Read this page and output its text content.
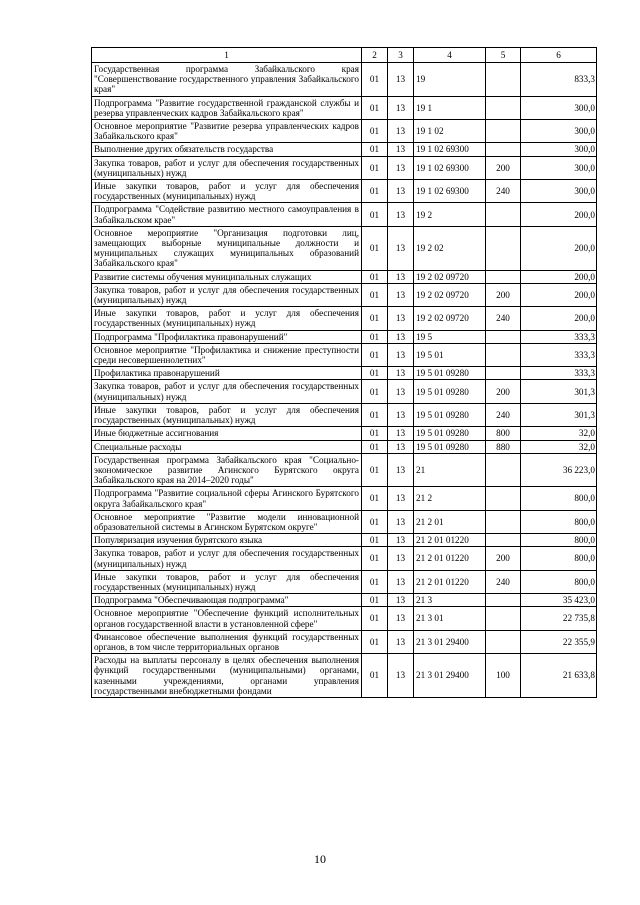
1	2	3	4	5	6
Государственная программа Забайкальского края "Совершенствование государственного управления Забайкальского края"	01	13	19		833,3
Подпрограмма "Развитие государственной гражданской службы и резерва управленческих кадров Забайкальского края"	01	13	19 1		300,0
Основное мероприятие "Развитие резерва управленческих кадров Забайкальского края"	01	13	19 1 02		300,0
Выполнение других обязательств государства	01	13	19 1 02 69300		300,0
Закупка товаров, работ и услуг для обеспечения государственных (муниципальных) нужд	01	13	19 1 02 69300	200	300,0
Иные закупки товаров, работ и услуг для обеспечения государственных (муниципальных) нужд	01	13	19 1 02 69300	240	300,0
Подпрограмма "Содействие развитию местного самоуправления в Забайкальском крае"	01	13	19 2		200,0
Основное мероприятие "Организация подготовки лиц, замещающих выборные муниципальные должности и муниципальных служащих муниципальных образований Забайкальского края"	01	13	19 2 02		200,0
Развитие системы обучения муниципальных служащих	01	13	19 2 02 09720		200,0
Закупка товаров, работ и услуг для обеспечения государственных (муниципальных) нужд	01	13	19 2 02 09720	200	200,0
Иные закупки товаров, работ и услуг для обеспечения государственных (муниципальных) нужд	01	13	19 2 02 09720	240	200,0
Подпрограмма "Профилактика правонарушений"	01	13	19 5		333,3
Основное мероприятие "Профилактика и снижение преступности среди несовершеннолетних"	01	13	19 5 01		333,3
Профилактика правонарушений	01	13	19 5 01 09280		333,3
Закупка товаров, работ и услуг для обеспечения государственных (муниципальных) нужд	01	13	19 5 01 09280	200	301,3
Иные закупки товаров, работ и услуг для обеспечения государственных (муниципальных) нужд	01	13	19 5 01 09280	240	301,3
Иные бюджетные ассигнования	01	13	19 5 01 09280	800	32,0
Специальные расходы	01	13	19 5 01 09280	880	32,0
Государственная программа Забайкальского края "Социально-экономическое развитие Агинского Бурятского округа Забайкальского края на 2014–2020 годы"	01	13	21		36 223,0
Подпрограмма "Развитие социальной сферы Агинского Бурятского округа Забайкальского края"	01	13	21 2		800,0
Основное мероприятие "Развитие модели инновационной образовательной системы в Агинском Бурятском округе"	01	13	21 2 01		800,0
Популяризация изучения бурятского языка	01	13	21 2 01 01220		800,0
Закупка товаров, работ и услуг для обеспечения государственных (муниципальных) нужд	01	13	21 2 01 01220	200	800,0
Иные закупки товаров, работ и услуг для обеспечения государственных (муниципальных) нужд	01	13	21 2 01 01220	240	800,0
Подпрограмма "Обеспечивающая подпрограмма"	01	13	21 3		35 423,0
Основное мероприятие "Обеспечение функций исполнительных органов государственной власти в установленной сфере"	01	13	21 3 01		22 735,8
Финансовое обеспечение выполнения функций государственных органов, в том числе территориальных органов	01	13	21 3 01 29400		22 355,9
Расходы на выплаты персоналу в целях обеспечения выполнения функций государственными (муниципальными) органами, казенными учреждениями, органами управления государственными внебюджетными фондами	01	13	21 3 01 29400	100	21 633,8
10
